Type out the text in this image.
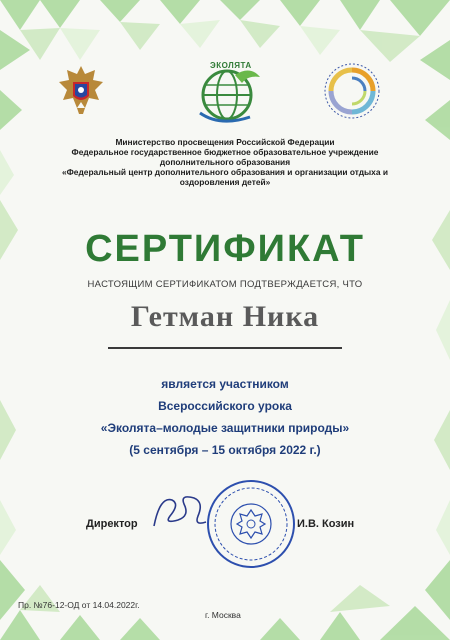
ЭКОЛЯТА
Министерство просвещения Российской Федерации
Федеральное государственное бюджетное образовательное учреждение
дополнительного образования
«Федеральный центр дополнительного образования и организации отдыха и
оздоровления детей»
СЕРТИФИКАТ
НАСТОЯЩИМ СЕРТИФИКАТОМ ПОДТВЕРЖДАЕТСЯ, ЧТО
Гетман Ника
является участником
Всероссийского урока
«Эколята–молодые защитники природы»
(5 сентября – 15 октября 2022 г.)
Директор	И.В. Козин
Пр. №76-12-ОД от 14.04.2022г.
г. Москва
